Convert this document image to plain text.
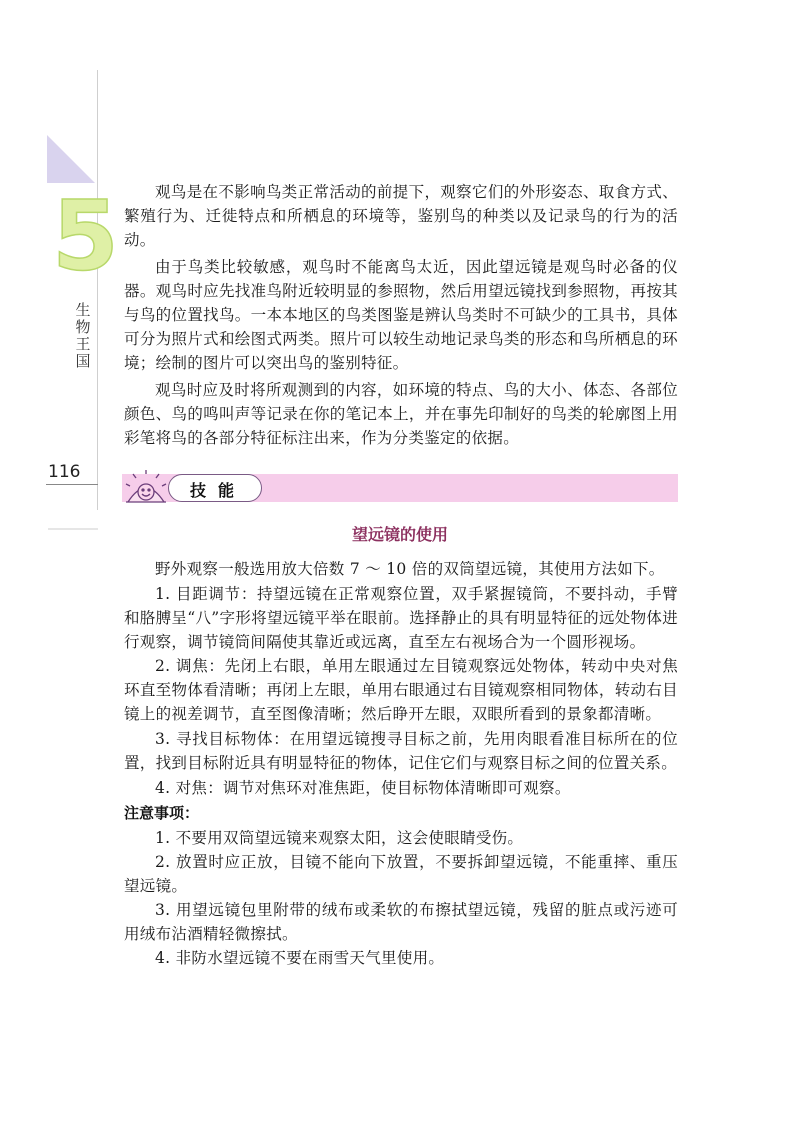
5
生物王国
116

观鸟是在不影响鸟类正常活动的前提下，观察它们的外形姿态、取食方式、繁殖行为、迁徙特点和所栖息的环境等，鉴别鸟的种类以及记录鸟的行为的活动。

由于鸟类比较敏感，观鸟时不能离鸟太近，因此望远镜是观鸟时必备的仪器。观鸟时应先找准鸟附近较明显的参照物，然后用望远镜找到参照物，再按其与鸟的位置找鸟。一本本地区的鸟类图鉴是辨认鸟类时不可缺少的工具书，具体可分为照片式和绘图式两类。照片可以较生动地记录鸟类的形态和鸟所栖息的环境；绘制的图片可以突出鸟的鉴别特征。

观鸟时应及时将所观测到的内容，如环境的特点、鸟的大小、体态、各部位颜色、鸟的鸣叫声等记录在你的笔记本上，并在事先印制好的鸟类的轮廓图上用彩笔将鸟的各部分特征标注出来，作为分类鉴定的依据。

技能
望远镜的使用

野外观察一般选用放大倍数 7 ～ 10 倍的双筒望远镜，其使用方法如下。

1. 目距调节：持望远镜在正常观察位置，双手紧握镜筒，不要抖动，手臂和胳膊呈“八”字形将望远镜平举在眼前。选择静止的具有明显特征的远处物体进行观察，调节镜筒间隔使其靠近或远离，直至左右视场合为一个圆形视场。

2. 调焦：先闭上右眼，单用左眼通过左目镜观察远处物体，转动中央对焦环直至物体看清晰；再闭上左眼，单用右眼通过右目镜观察相同物体，转动右目镜上的视差调节，直至图像清晰；然后睁开左眼，双眼所看到的景象都清晰。

3. 寻找目标物体：在用望远镜搜寻目标之前，先用肉眼看准目标所在的位置，找到目标附近具有明显特征的物体，记住它们与观察目标之间的位置关系。

4. 对焦：调节对焦环对准焦距，使目标物体清晰即可观察。

注意事项：

1. 不要用双筒望远镜来观察太阳，这会使眼睛受伤。

2. 放置时应正放，目镜不能向下放置，不要拆卸望远镜，不能重摔、重压望远镜。

3. 用望远镜包里附带的绒布或柔软的布擦拭望远镜，残留的脏点或污迹可用绒布沾酒精轻微擦拭。

4. 非防水望远镜不要在雨雪天气里使用。
